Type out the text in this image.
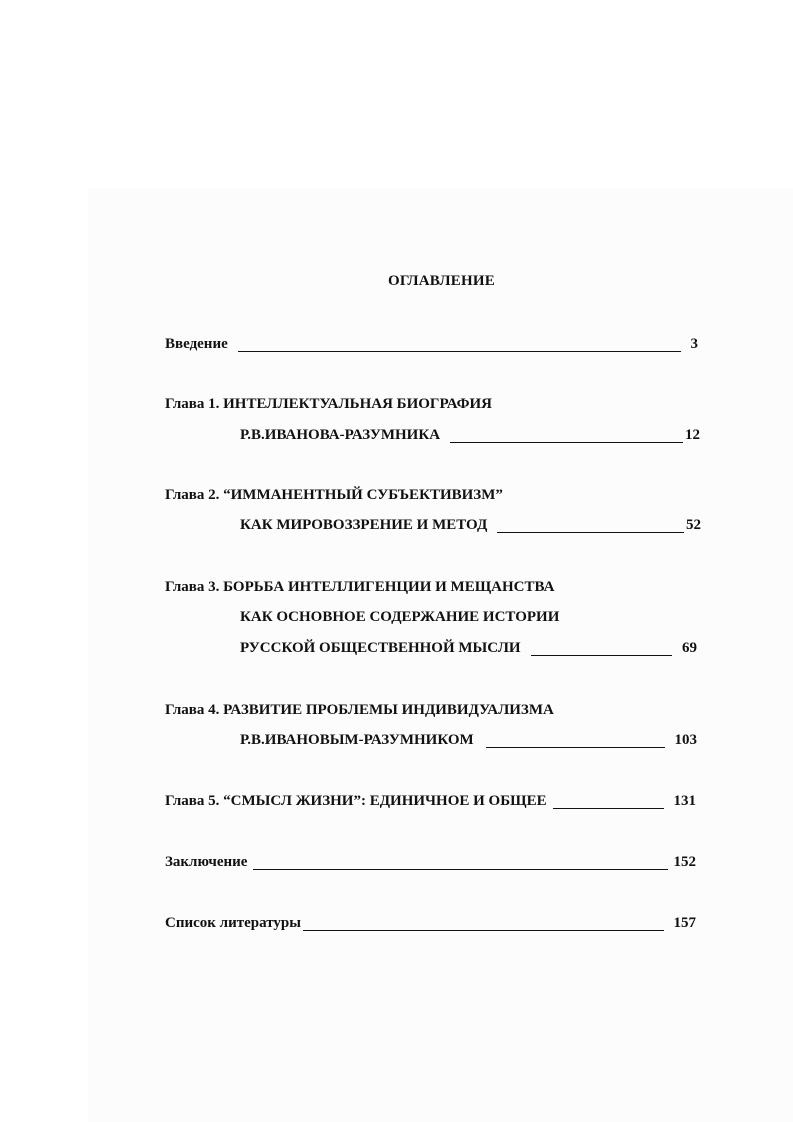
ОГЛАВЛЕНИЕ
Введение	3
Глава 1. ИНТЕЛЛЕКТУАЛЬНАЯ БИОГРАФИЯ
Р.В.ИВАНОВА-РАЗУМНИКА	12
Глава 2. “ИММАНЕНТНЫЙ СУБЪЕКТИВИЗМ”
КАК МИРОВОЗЗРЕНИЕ И МЕТОД	52
Глава 3. БОРЬБА ИНТЕЛЛИГЕНЦИИ И МЕЩАНСТВА
КАК ОСНОВНОЕ СОДЕРЖАНИЕ ИСТОРИИ
РУССКОЙ ОБЩЕСТВЕННОЙ МЫСЛИ	69
Глава 4. РАЗВИТИЕ ПРОБЛЕМЫ ИНДИВИДУАЛИЗМА
Р.В.ИВАНОВЫМ-РАЗУМНИКОМ	103
Глава 5. “СМЫСЛ ЖИЗНИ”: ЕДИНИЧНОЕ И ОБЩЕЕ	131
Заключение	152
Список литературы	157
